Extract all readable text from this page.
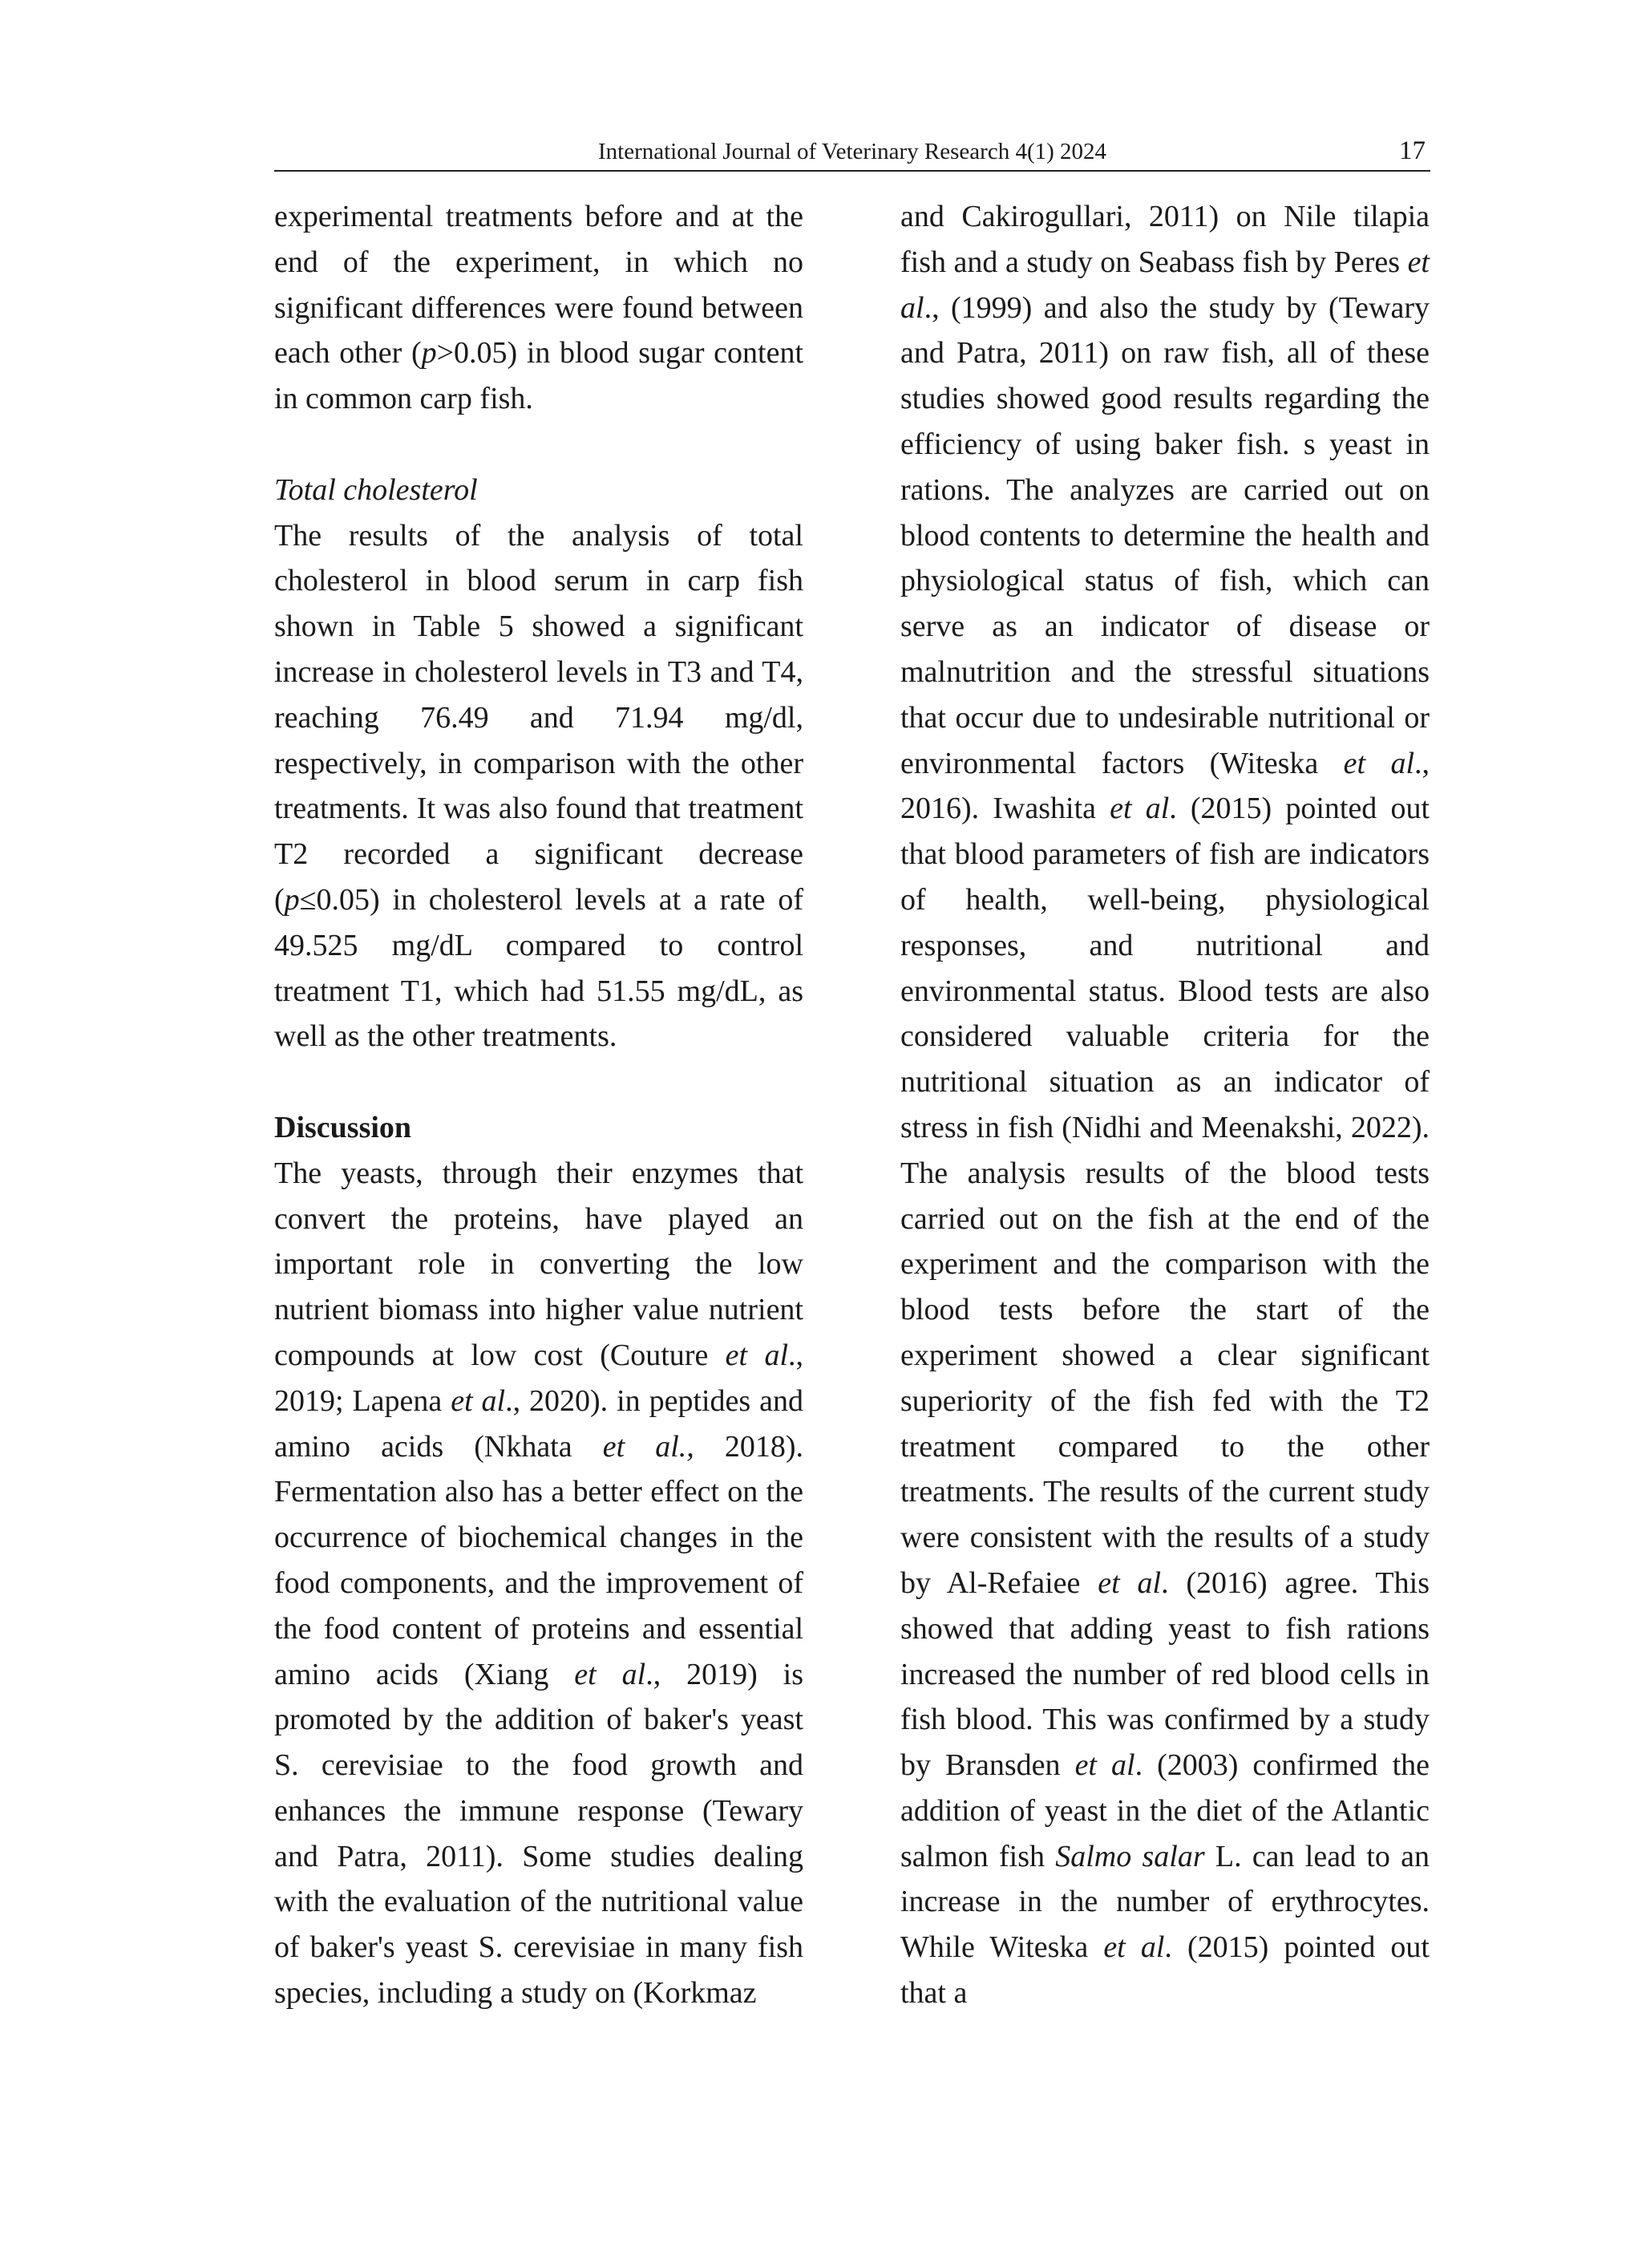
International Journal of Veterinary Research 4(1) 2024	17

experimental treatments before and at the end of the experiment, in which no significant differences were found between each other (p>0.05) in blood sugar content in common carp fish.

Total cholesterol

The results of the analysis of total cholesterol in blood serum in carp fish shown in Table 5 showed a significant increase in cholesterol levels in T3 and T4, reaching 76.49 and 71.94 mg/dl, respectively, in comparison with the other treatments. It was also found that treatment T2 recorded a significant decrease (p≤0.05) in cholesterol levels at a rate of 49.525 mg/dL compared to control treatment T1, which had 51.55 mg/dL, as well as the other treatments.

Discussion

The yeasts, through their enzymes that convert the proteins, have played an important role in converting the low nutrient biomass into higher value nutrient compounds at low cost (Couture et al., 2019; Lapena et al., 2020). in peptides and amino acids (Nkhata et al., 2018). Fermentation also has a better effect on the occurrence of biochemical changes in the food components, and the improvement of the food content of proteins and essential amino acids (Xiang et al., 2019) is promoted by the addition of baker's yeast S. cerevisiae to the food growth and enhances the immune response (Tewary and Patra, 2011). Some studies dealing with the evaluation of the nutritional value of baker's yeast S. cerevisiae in many fish species, including a study on (Korkmaz

and Cakirogullari, 2011) on Nile tilapia fish and a study on Seabass fish by Peres et al., (1999) and also the study by (Tewary and Patra, 2011) on raw fish, all of these studies showed good results regarding the efficiency of using baker fish. s yeast in rations. The analyzes are carried out on blood contents to determine the health and physiological status of fish, which can serve as an indicator of disease or malnutrition and the stressful situations that occur due to undesirable nutritional or environmental factors (Witeska et al., 2016). Iwashita et al. (2015) pointed out that blood parameters of fish are indicators of health, well-being, physiological responses, and nutritional and environmental status. Blood tests are also considered valuable criteria for the nutritional situation as an indicator of stress in fish (Nidhi and Meenakshi, 2022). The analysis results of the blood tests carried out on the fish at the end of the experiment and the comparison with the blood tests before the start of the experiment showed a clear significant superiority of the fish fed with the T2 treatment compared to the other treatments. The results of the current study were consistent with the results of a study by Al-Refaiee et al. (2016) agree. This showed that adding yeast to fish rations increased the number of red blood cells in fish blood. This was confirmed by a study by Bransden et al. (2003) confirmed the addition of yeast in the diet of the Atlantic salmon fish Salmo salar L. can lead to an increase in the number of erythrocytes. While Witeska et al. (2015) pointed out that a
